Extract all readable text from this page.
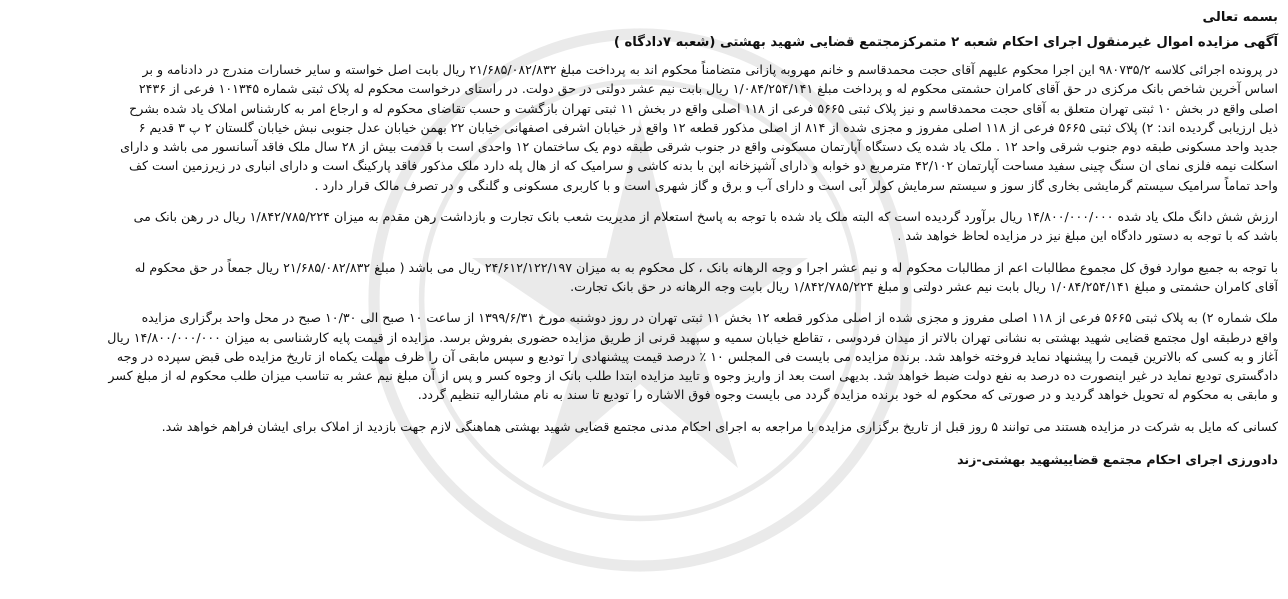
بسمه تعالی
آگهی مزایده اموال غیرمنقول اجرای احکام شعبه ۲ متمرکزمجتمع قضایی شهید بهشتی (شعبه ۷دادگاه )

در پرونده اجرائی کلاسه ۹۸۰۷۳۵/۲ این اجرا محکوم علیهم آقای حجت محمدقاسم و خانم مهروبه پازانی متضامناً محکوم اند به پرداخت مبلغ ۲۱/۶۸۵/۰۸۲/۸۳۲ ریال بابت اصل خواسته و سایر خسارات مندرج در دادنامه و بر

اساس آخرین شاخص بانک مرکزی در حق آقای کامران حشمتی محکوم له و پرداخت مبلغ ۱/۰۸۴/۲۵۴/۱۴۱ ریال بابت نیم عشر دولتی در حق دولت. در راستای درخواست محکوم له پلاک ثبتی شماره ۱۰۱۳۴۵ فرعی از ۲۴۳۶

اصلی واقع در بخش ۱۰ ثبتی تهران متعلق به آقای حجت محمدقاسم و نیز پلاک ثبتی ۵۶۶۵ فرعی از ۱۱۸ اصلی واقع در بخش ۱۱ ثبتی تهران بازگشت و حسب تقاضای محکوم له و ارجاع امر به کارشناس املاک یاد شده بشرح

ذیل ارزیابی گردیده اند: ۲) پلاک ثبتی ۵۶۶۵ فرعی از ۱۱۸ اصلی مفروز و مجزی شده از ۸۱۴ از اصلی مذکور قطعه ۱۲ واقع در خیابان اشرفی اصفهانی خیابان ۲۲ بهمن خیابان عدل جنوبی نبش خیابان گلستان ۲ پ ۳ قدیم ۶

جدید واحد مسکونی طبقه دوم جنوب شرقی واحد ۱۲ . ملک یاد شده یک دستگاه آپارتمان مسکونی واقع در جنوب شرقی طبقه دوم یک ساختمان ۱۲ واحدی است با قدمت بیش از ۲۸ سال ملک فاقد آسانسور می باشد و دارای

اسکلت نیمه فلزی نمای ان سنگ چینی سفید مساحت آپارتمان ۴۲/۱۰۲ مترمربع دو خوابه و دارای آشپزخانه اپن با بدنه کاشی و سرامیک که از هال پله دارد ملک مذکور فاقد پارکینگ است و دارای انباری در زیرزمین است کف

واحد تماماً سرامیک سیستم گرمایشی بخاری گاز سوز و سیستم سرمایش کولر آبی است و دارای آب و برق و گاز شهری است و با کاربری مسکونی و گلنگی و در تصرف مالک قرار دارد .

ارزش شش دانگ ملک یاد شده ۱۴/۸۰۰/۰۰۰/۰۰۰ ریال برآورد گردیده است که البته ملک یاد شده با توجه به پاسخ استعلام از مدیریت شعب بانک تجارت و بازداشت رهن مقدم به میزان ۱/۸۴۲/۷۸۵/۲۲۴ ریال در رهن بانک می

باشد که با توجه به دستور دادگاه این مبلغ نیز در مزایده لحاظ خواهد شد .

با توجه به جمیع موارد فوق کل مجموع مطالبات اعم از مطالبات محکوم له و نیم عشر اجرا و وجه الرهانه بانک ، کل محکوم به به میزان ۲۴/۶۱۲/۱۲۲/۱۹۷ ریال می باشد ( مبلغ ۲۱/۶۸۵/۰۸۲/۸۳۲ ریال جمعاً در حق محکوم له

آقای کامران حشمتی و مبلغ ۱/۰۸۴/۲۵۴/۱۴۱ ریال بابت نیم عشر دولتی و مبلغ ۱/۸۴۲/۷۸۵/۲۲۴ ریال بابت وجه الرهانه در حق بانک تجارت.

ملک شماره ۲) به پلاک ثبتی ۵۶۶۵ فرعی از ۱۱۸ اصلی مفروز و مجزی شده از اصلی مذکور قطعه ۱۲ بخش ۱۱ ثبتی تهران در روز دوشنبه مورخ ۱۳۹۹/۶/۳۱ از ساعت ۱۰ صبح الی ۱۰/۳۰ صبح در محل واحد برگزاری مزایده

واقع درطبقه اول مجتمع قضایی شهید بهشتی به نشانی تهران بالاتر از میدان فردوسی ، تقاطع خیابان سمیه و سپهبد قرنی از طریق مزایده حضوری بفروش برسد. مزایده از قیمت پایه کارشناسی به میزان ۱۴/۸۰۰/۰۰۰/۰۰۰ ریال

آغاز و به کسی که بالاترین قیمت را پیشنهاد نماید فروخته خواهد شد. برنده مزایده می بایست فی المجلس ۱۰ ٪ درصد قیمت پیشنهادی را تودیع و سپس مابقی آن را ظرف مهلت یکماه از تاریخ مزایده طی قبض سپرده در وجه

دادگستری تودیع نماید در غیر اینصورت ده درصد به نفع دولت ضبط خواهد شد. بدیهی است بعد از واریز وجوه و تایید مزایده ابتدا طلب بانک از وجوه کسر و پس از آن مبلغ نیم عشر به تناسب میزان طلب محکوم له از مبلغ کسر

و مابقی به محکوم له تحویل خواهد گردید و در صورتی که محکوم له خود برنده مزایده گردد می بایست وجوه فوق الاشاره را تودیع تا سند به نام مشارالیه تنظیم گردد.

کسانی که مایل به شرکت در مزایده هستند می توانند ۵ روز قبل از تاریخ برگزاری مزایده با مراجعه به اجرای احکام مدنی مجتمع قضایی شهید بهشتی هماهنگی لازم جهت بازدید از املاک برای ایشان فراهم خواهد شد.

دادورزی اجرای احکام مجتمع قضاییشهید بهشتی-زند
